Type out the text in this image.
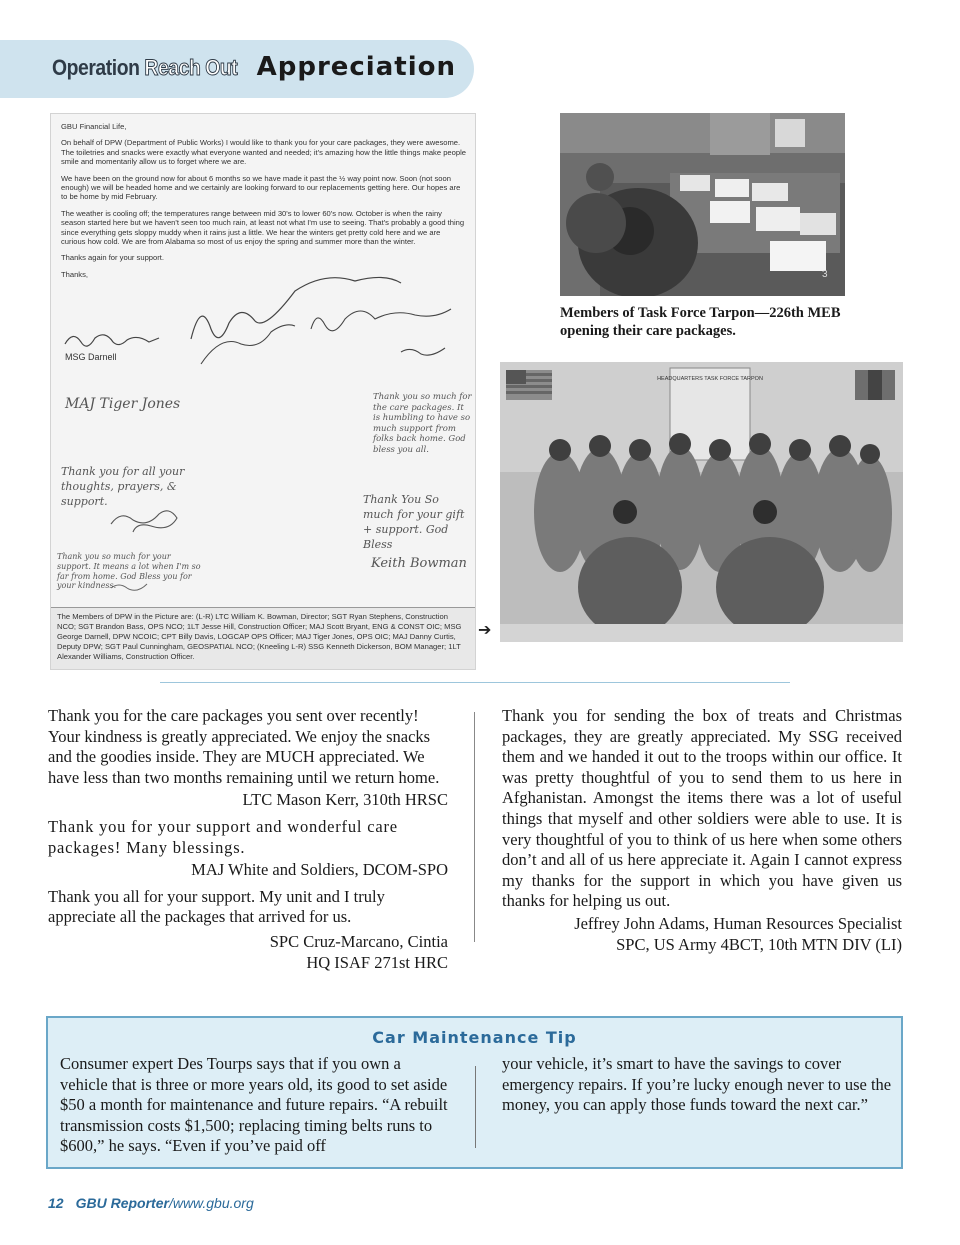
Operation Reach Out Appreciation

GBU Financial Life,

On behalf of DPW (Department of Public Works) I would like to thank you for your care packages, they were awesome. The toiletries and snacks were exactly what everyone wanted and needed; it's amazing how the little things make people smile and momentarily allow us to forget where we are.

We have been on the ground now for about 6 months so we have made it past the ½ way point now. Soon (not soon enough) we will be headed home and we certainly are looking forward to our replacements getting here. Our hopes are to be home by mid February.

The weather is cooling off; the temperatures range between mid 30's to lower 60's now. October is when the rainy season started here but we haven't seen too much rain, at least not what I'm use to seeing. That's probably a good thing since everything gets sloppy muddy when it rains just a little. We hear the winters get pretty cold here and we are curious how cold. We are from Alabama so most of us enjoy the spring and summer more than the winter.

Thanks again for your support.

Thanks,

MSG Darnell
MAJ Tiger Jones
Thank you for all your thoughts, prayers, & support.
Thank you so much for the care packages. It is humbling to have so much support from folks back home. God bless you all.
Thank You So much for your gift + support. God Bless
Keith Bowman
Thank you so much for your support. It means a lot when I'm so far from home. God Bless you for your kindness.
The Members of DPW in the Picture are: (L-R) LTC William K. Bowman, Director; SGT Ryan Stephens, Construction NCO; SGT Brandon Bass, OPS NCO; 1LT Jesse Hill, Construction Officer; MAJ Scott Bryant, ENG & CONST OIC; MSG George Darnell, DPW NCOIC; CPT Billy Davis, LOGCAP OPS Officer; MAJ Tiger Jones, OPS OIC; MAJ Danny Curtis, Deputy DPW; SGT Paul Cunningham, GEOSPATIAL NCO; (Kneeling L-R) SSG Kenneth Dickerson, BOM Manager; 1LT Alexander Williams, Construction Officer.
➔
3
Members of Task Force Tarpon—226th MEB opening their care packages.
HEADQUARTERS TASK FORCE TARPON

Thank you for the care packages you sent over recently! Your kindness is greatly appreciated. We enjoy the snacks and the goodies inside. They are MUCH appreciated. We have less than two months remaining until we return home.

LTC Mason Kerr, 310th HRSC

Thank you for your support and wonderful care packages! Many blessings.

MAJ White and Soldiers, DCOM-SPO

Thank you all for your support. My unit and I truly appreciate all the packages that arrived for us.

SPC Cruz-Marcano, Cintia

HQ ISAF 271st HRC

Thank you for sending the box of treats and Christmas packages, they are greatly appreciated. My SSG received them and we handed it out to the troops within our office. It was pretty thoughtful of you to send them to us here in Afghanistan. Amongst the items there was a lot of useful things that myself and other soldiers were able to use. It is very thoughtful of you to think of us here when some others don’t and all of us here appreciate it. Again I cannot express my thanks for the support in which you have given us thanks for helping us out.

Jeffrey John Adams, Human Resources Specialist

SPC, US Army 4BCT, 10th MTN DIV (LI)

Car Maintenance Tip

Consumer expert Des Tourps says that if you own a vehicle that is three or more years old, its good to set aside $50 a month for maintenance and future repairs. “A rebuilt transmission costs $1,500; replacing timing belts runs to $600,” he says. “Even if you’ve paid off

your vehicle, it’s smart to have the savings to cover emergency repairs. If you’re lucky enough never to use the money, you can apply those funds toward the next car.”

12 GBU Reporter/www.gbu.org
